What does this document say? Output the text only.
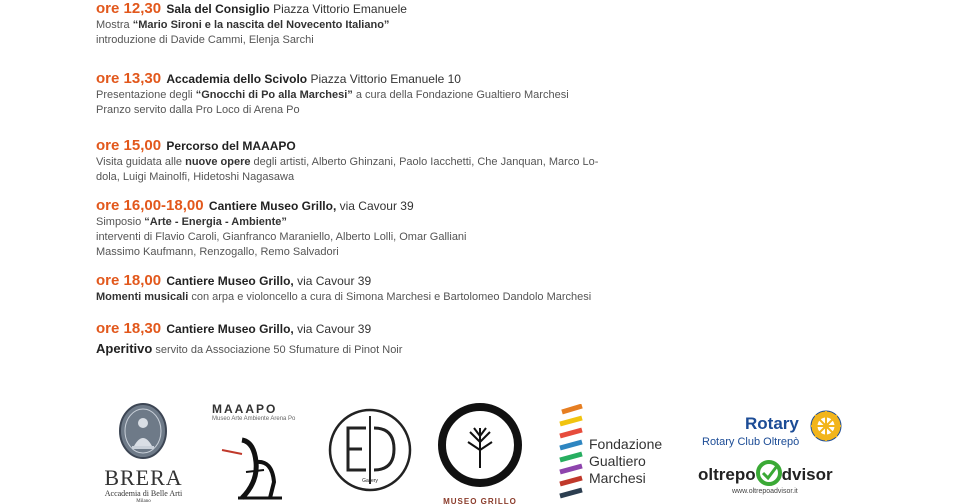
ore 12,30 Sala del Consiglio Piazza Vittorio Emanuele
Mostra “Mario Sironi e la nascita del Novecento Italiano”
introduzione di Davide Cammi, Elenja Sarchi
ore 13,30 Accademia dello Scivolo Piazza Vittorio Emanuele 10
Presentazione degli “Gnocchi di Po alla Marchesi” a cura della Fondazione Gualtiero Marchesi
Pranzo servito dalla Pro Loco di Arena Po
ore 15,00 Percorso del MAAAPO
Visita guidata alle nuove opere degli artisti, Alberto Ghinzani, Paolo Iacchetti, Che Janquan, Marco Lo-
dola, Luigi Mainolfi, Hidetoshi Nagasawa
ore 16,00-18,00 Cantiere Museo Grillo, via Cavour 39
Simposio “Arte - Energia - Ambiente”
interventi di Flavio Caroli, Gianfranco Maraniello, Alberto Lolli, Omar Galliani
Massimo Kaufmann, Renzogallo, Remo Salvadori
ore 18,00 Cantiere Museo Grillo, via Cavour 39
Momenti musicali con arpa e violoncello a cura di Simona Marchesi e Bartolomeo Dandolo Marchesi
ore 18,30 Cantiere Museo Grillo, via Cavour 39
Aperitivo servito da Associazione 50 Sfumature di Pinot Noir
BRERA
Accademia di Belle Arti
Milano
MAAAPO
Museo Arte Ambiente Arena Po
Gallery
MUSEO GRILLO
Fondazione
Gualtiero
Marchesi
Rotary
Rotary Club Oltrepò
oltrepo dvisor
www.oltrepoadvisor.it
